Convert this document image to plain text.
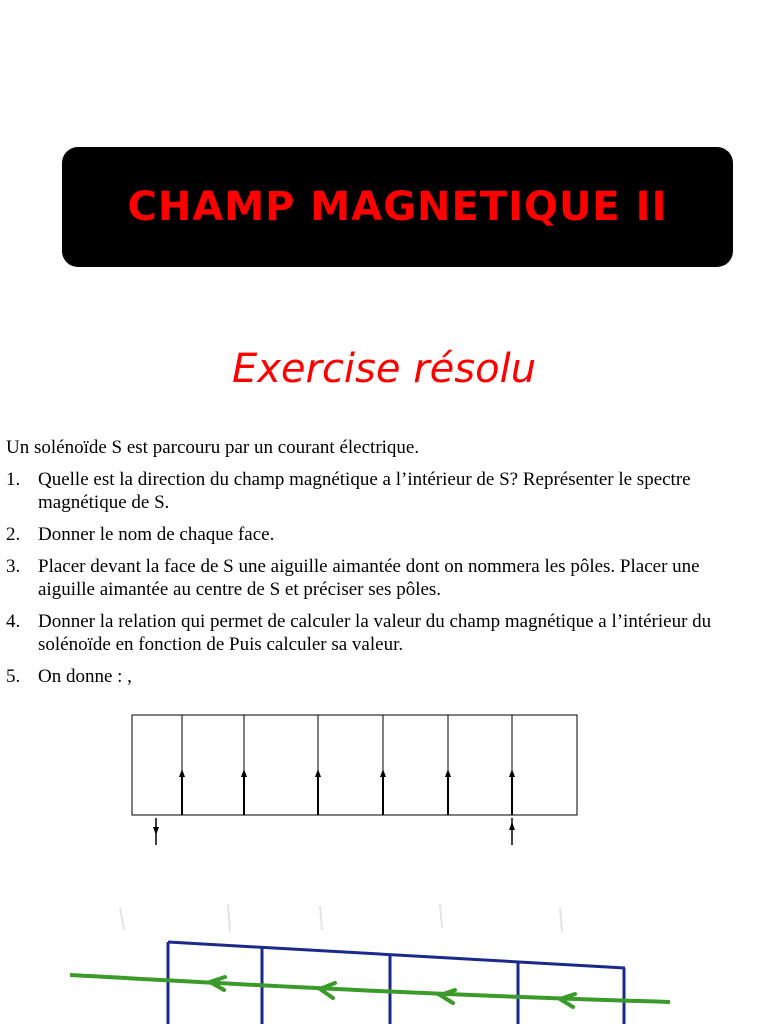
CHAMP MAGNETIQUE II
Exercise résolu
Un solénoïde S est parcouru par un courant électrique.
1. Quelle est la direction du champ magnétique a l’intérieur de S? Représenter le spectre magnétique de S.
2. Donner le nom de chaque face.
3. Placer devant la face de S une aiguille aimantée dont on nommera les pôles. Placer une aiguille aimantée au centre de S et préciser ses pôles.
4. Donner la relation qui permet de calculer la valeur du champ magnétique a l’intérieur du solénoïde en fonction de Puis calculer sa valeur.
5. On donne : ,
